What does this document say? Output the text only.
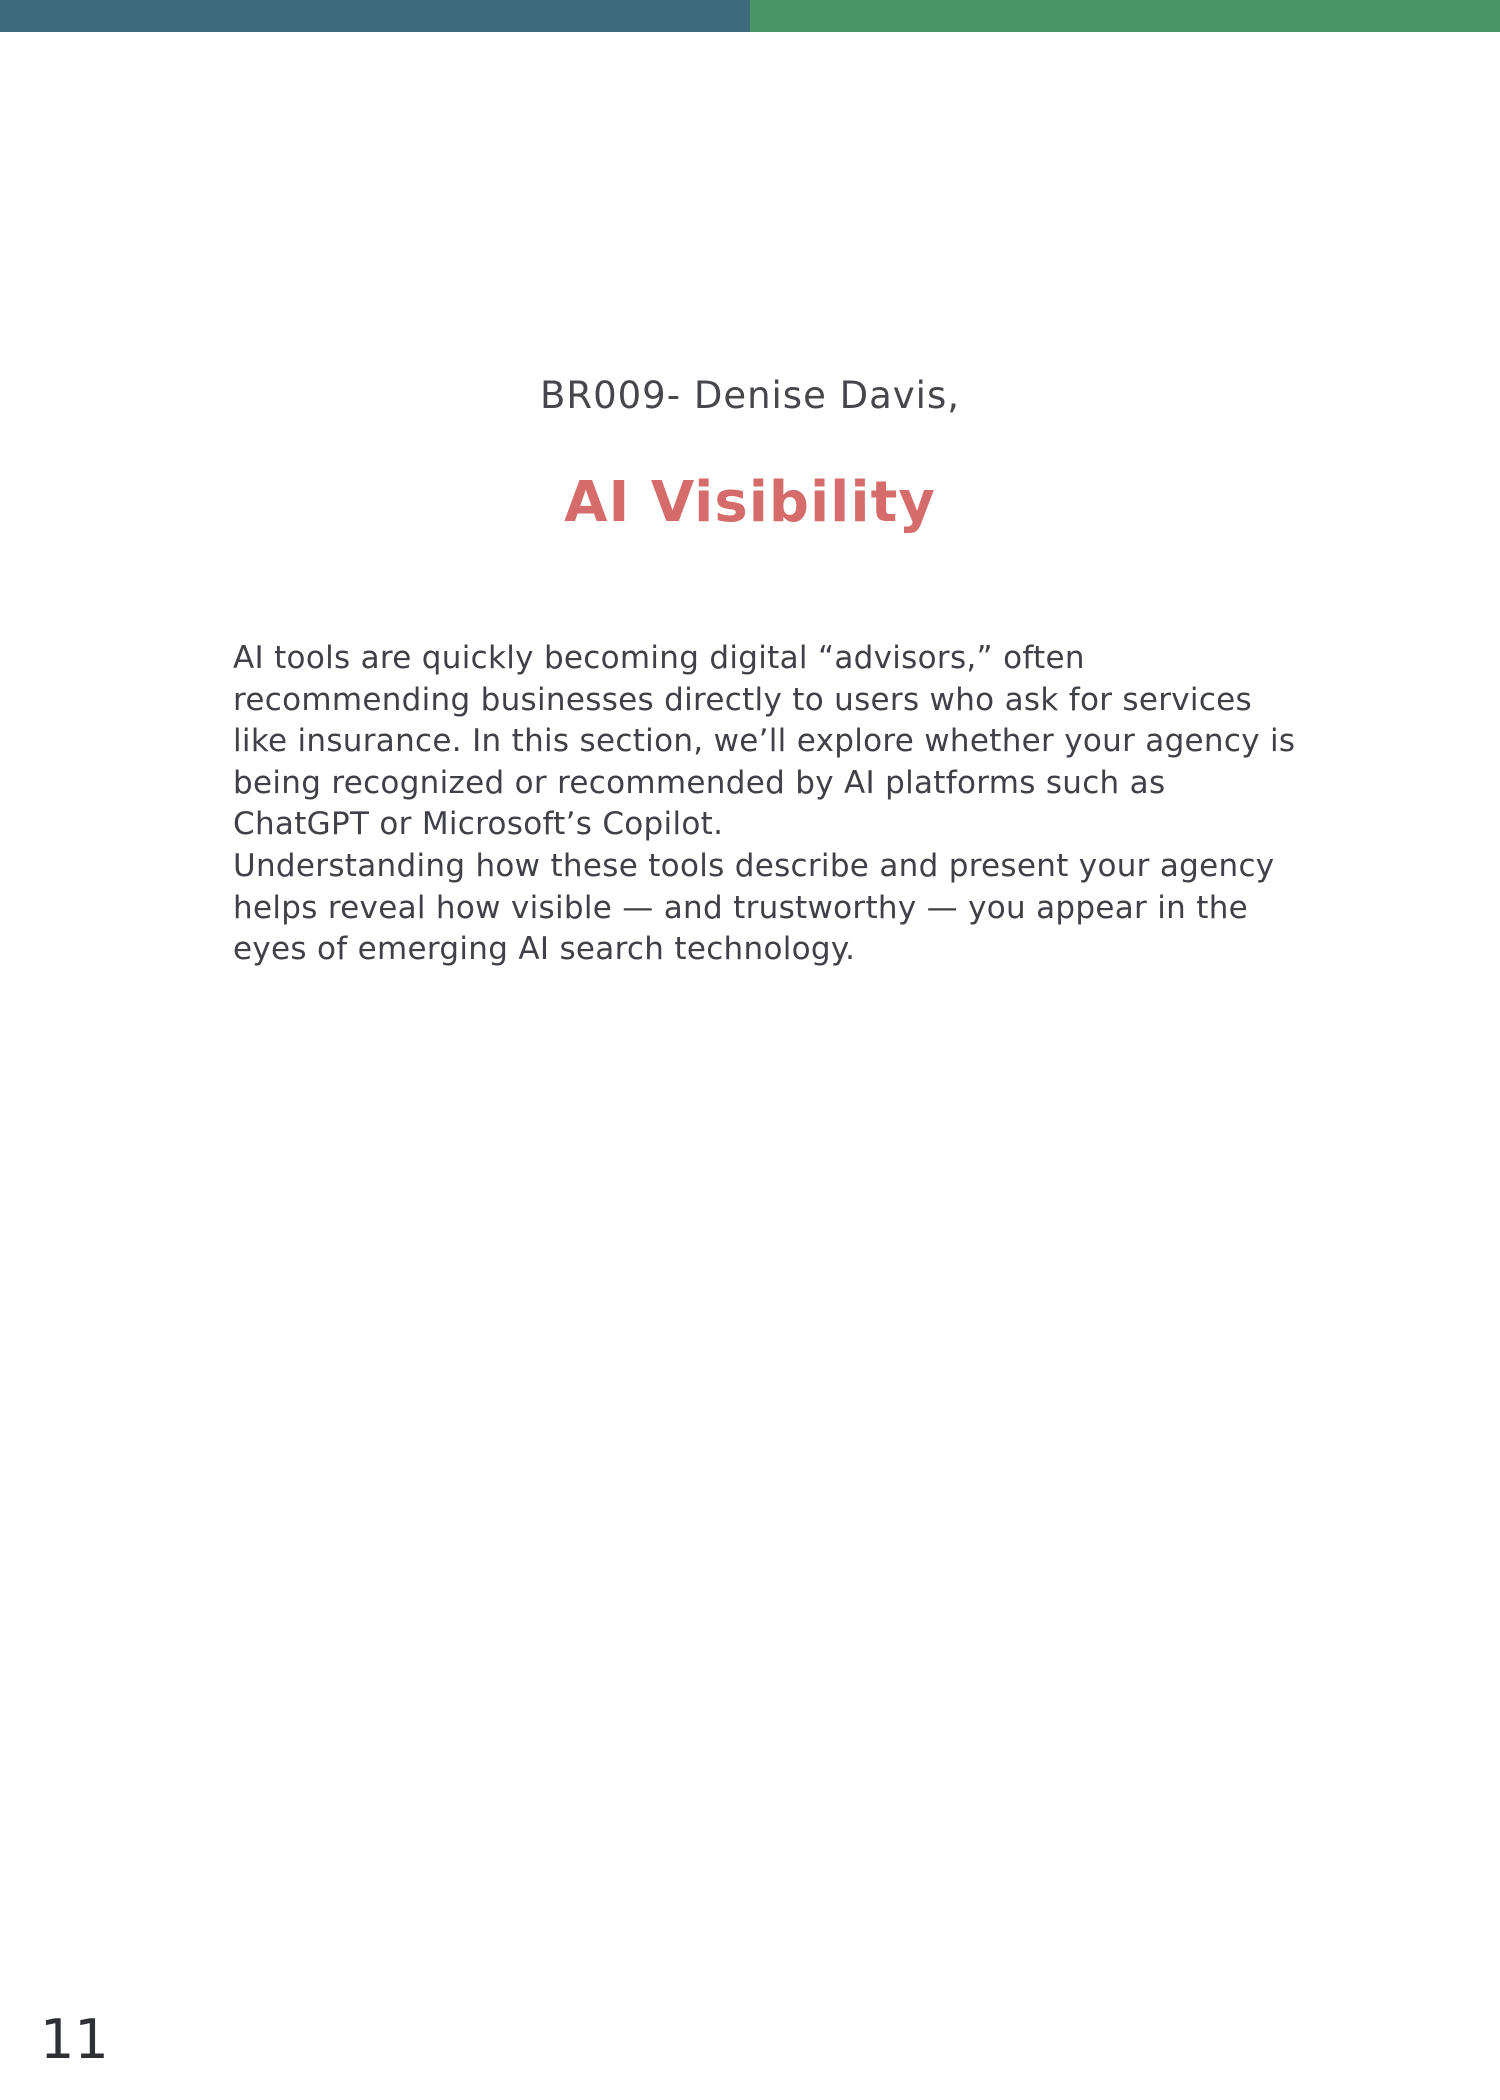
BR009- Denise Davis,
AI Visibility

AI tools are quickly becoming digital “advisors,” often recommending businesses directly to users who ask for services like insurance. In this section, we’ll explore whether your agency is being recognized or recommended by AI platforms such as ChatGPT or Microsoft’s Copilot.

Understanding how these tools describe and present your agency helps reveal how visible — and trustworthy — you appear in the eyes of emerging AI search technology.

11
